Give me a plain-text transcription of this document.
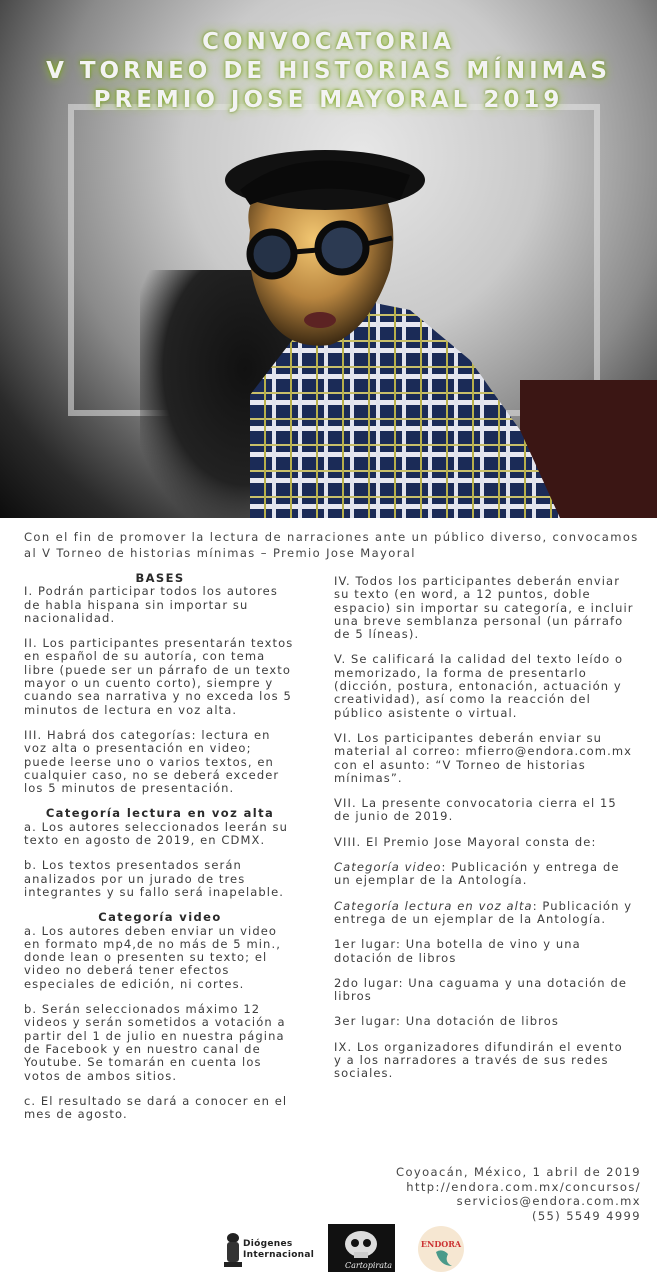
CONVOCATORIA
V TORNEO DE HISTORIAS MÍNIMAS
PREMIO JOSE MAYORAL 2019
Con el fin de promover la lectura de narraciones ante un público diverso, convocamos al V Torneo de historias mínimas – Premio Jose Mayoral
BASES

I. Podrán participar todos los autores de habla hispana sin importar su nacionalidad.

II. Los participantes presentarán textos en español de su autoría, con tema libre (puede ser un párrafo de un texto mayor o un cuento corto), siempre y cuando sea narrativa y no exceda los 5 minutos de lectura en voz alta.

III. Habrá dos categorías: lectura en voz alta o presentación en video; puede leerse uno o varios textos, en cualquier caso, no se deberá exceder los 5 minutos de presentación.

Categoría lectura en voz alta

a. Los autores seleccionados leerán su texto en agosto de 2019, en CDMX.

b. Los textos presentados serán analizados por un jurado de tres integrantes y su fallo será inapelable.

Categoría video

a. Los autores deben enviar un video en formato mp4,de no más de 5 min., donde lean o presenten su texto; el video no deberá tener efectos especiales de edición, ni cortes.

b. Serán seleccionados máximo 12 videos y serán sometidos a votación a partir del 1 de julio en nuestra página de Facebook y en nuestro canal de Youtube. Se tomarán en cuenta los votos de ambos sitios.

c. El resultado se dará a conocer en el mes de agosto.

IV. Todos los participantes deberán enviar su texto (en word, a 12 puntos, doble espacio) sin importar su categoría, e incluir una breve semblanza personal (un párrafo de 5 líneas).

V. Se calificará la calidad del texto leído o memorizado, la forma de presentarlo (dicción, postura, entonación, actuación y creatividad), así como la reacción del público asistente o virtual.

VI. Los participantes deberán enviar su material al correo: mfierro@endora.com.mx con el asunto: “V Torneo de historias mínimas”.

VII. La presente convocatoria cierra el 15 de junio de 2019.

VIII. El Premio Jose Mayoral consta de:

Categoría video: Publicación y entrega de un ejemplar de la Antología.

Categoría lectura en voz alta: Publicación y entrega de un ejemplar de la Antología.

1er lugar: Una botella de vino y una dotación de libros

2do lugar: Una caguama y una dotación de libros

3er lugar: Una dotación de libros

IX. Los organizadores difundirán el evento y a los narradores a través de sus redes sociales.

Coyoacán, México, 1 abril de 2019
http://endora.com.mx/concursos/
servicios@endora.com.mx
(55) 5549 4999
Diógenes
Internacional
Cartopirata
ENDORA
